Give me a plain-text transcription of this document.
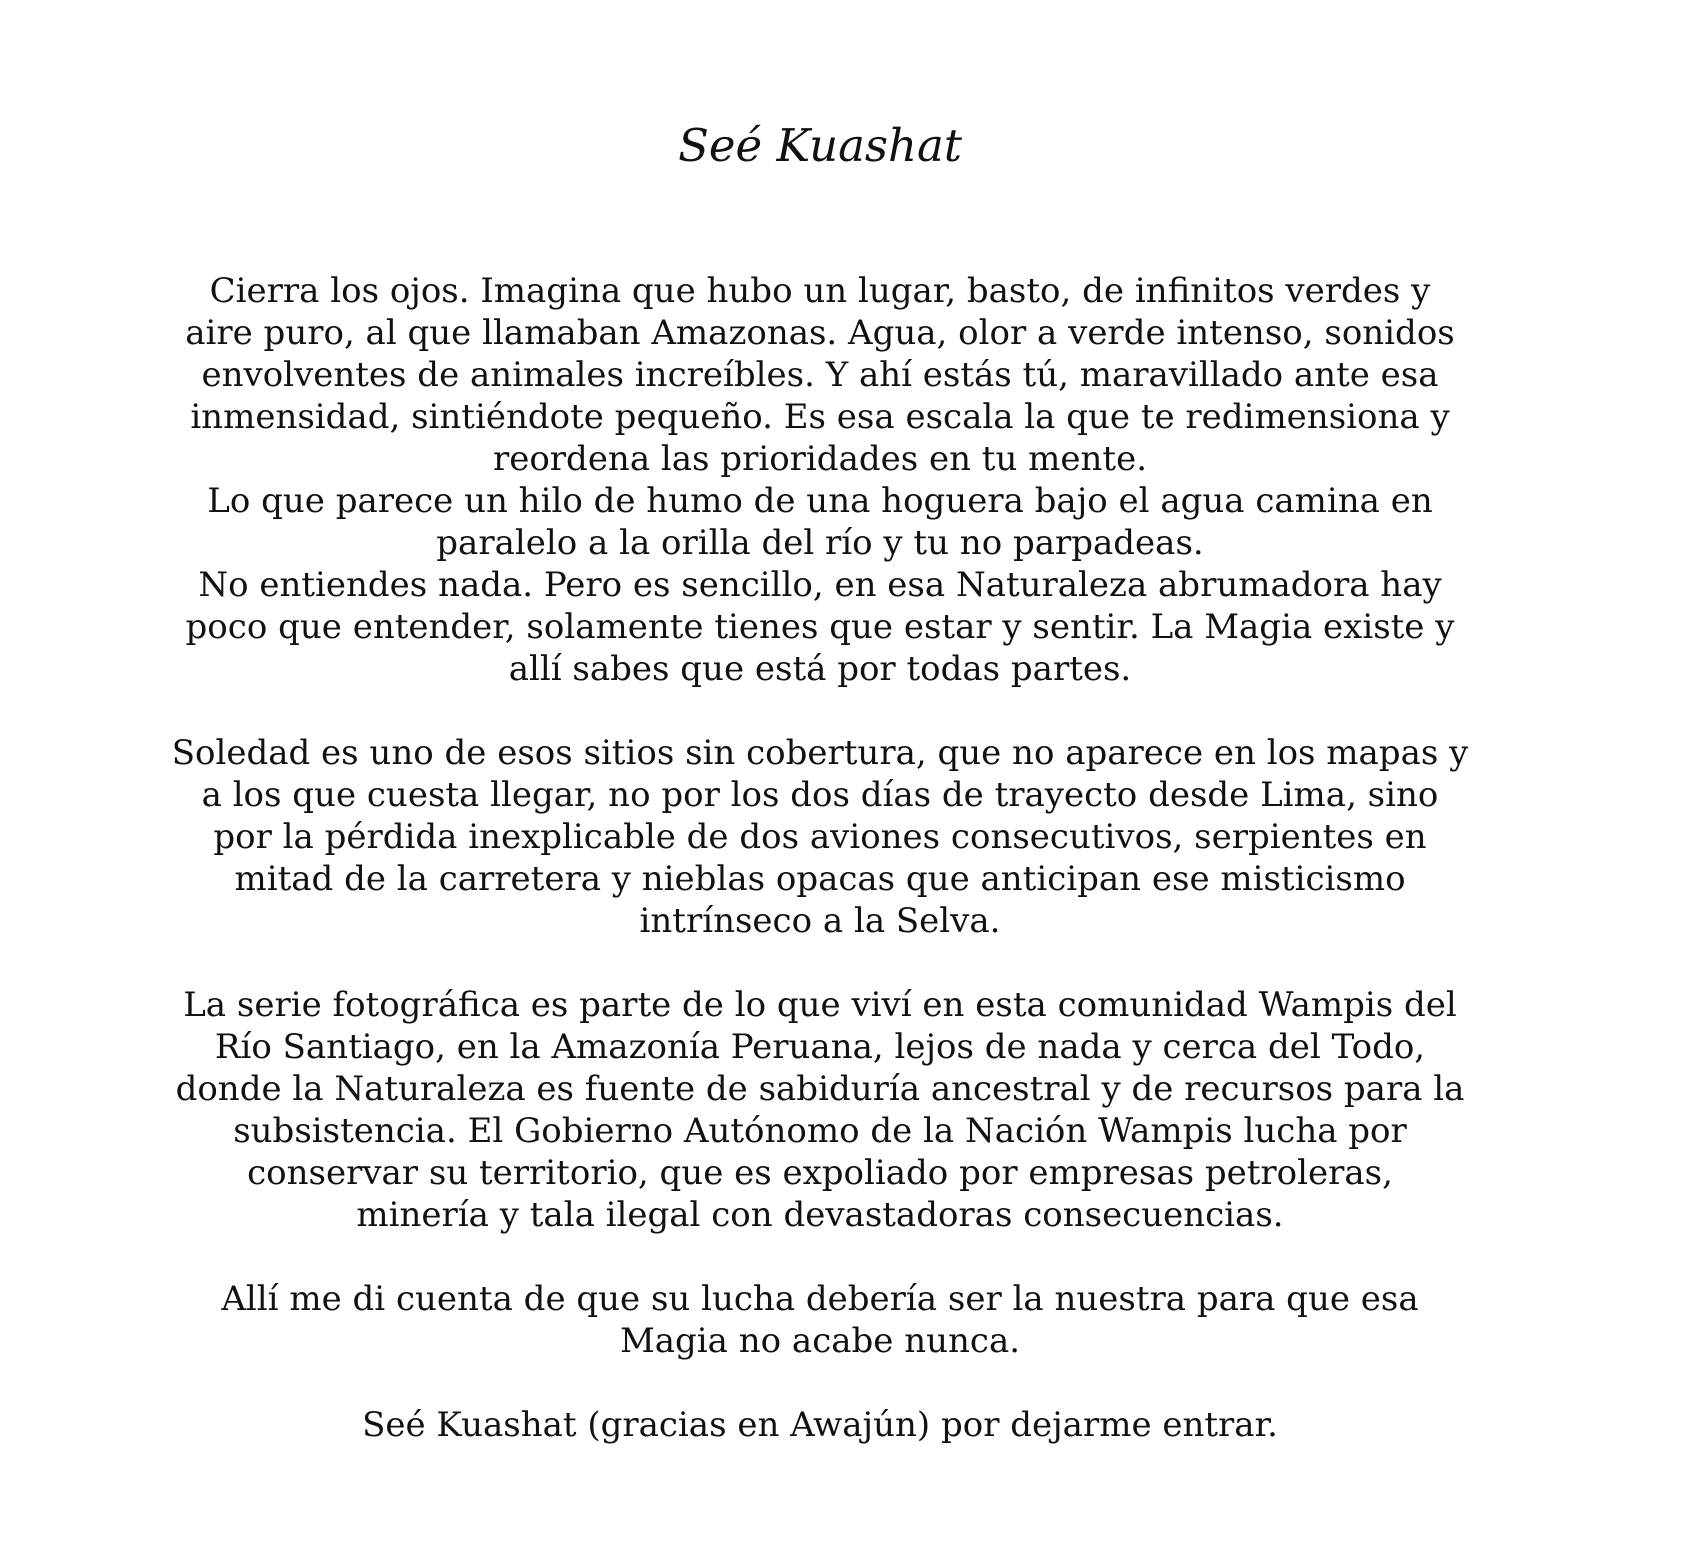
Seé Kuashat

Cierra los ojos. Imagina que hubo un lugar, basto, de infinitos verdes y
aire puro, al que llamaban Amazonas. Agua, olor a verde intenso, sonidos
envolventes de animales increíbles. Y ahí estás tú, maravillado ante esa
inmensidad, sintiéndote pequeño. Es esa escala la que te redimensiona y
reordena las prioridades en tu mente.
Lo que parece un hilo de humo de una hoguera bajo el agua camina en
paralelo a la orilla del río y tu no parpadeas.
No entiendes nada. Pero es sencillo, en esa Naturaleza abrumadora hay
poco que entender, solamente tienes que estar y sentir. La Magia existe y
allí sabes que está por todas partes.

Soledad es uno de esos sitios sin cobertura, que no aparece en los mapas y
a los que cuesta llegar, no por los dos días de trayecto desde Lima, sino
por la pérdida inexplicable de dos aviones consecutivos, serpientes en
mitad de la carretera y nieblas opacas que anticipan ese misticismo
intrínseco a la Selva.

La serie fotográfica es parte de lo que viví en esta comunidad Wampis del
Río Santiago, en la Amazonía Peruana, lejos de nada y cerca del Todo,
donde la Naturaleza es fuente de sabiduría ancestral y de recursos para la
subsistencia. El Gobierno Autónomo de la Nación Wampis lucha por
conservar su territorio, que es expoliado por empresas petroleras,
minería y tala ilegal con devastadoras consecuencias.

Allí me di cuenta de que su lucha debería ser la nuestra para que esa
Magia no acabe nunca.

Seé Kuashat (gracias en Awajún) por dejarme entrar.
